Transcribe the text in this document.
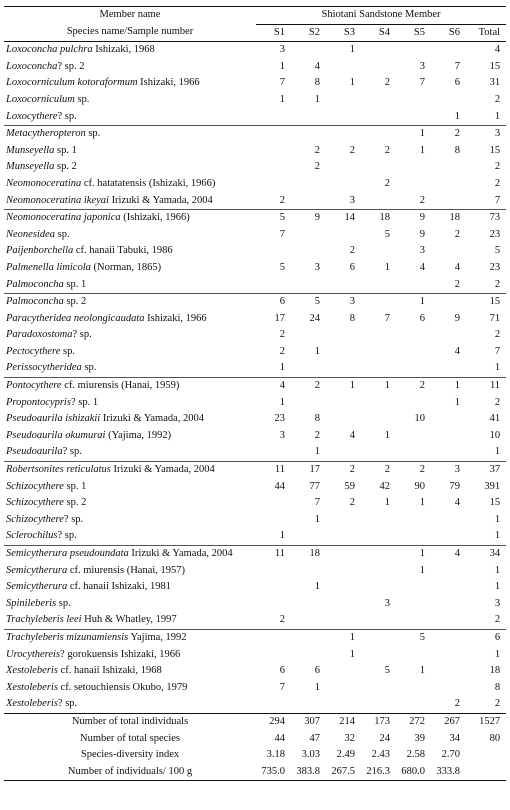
Member name	Shiotani Sandstone Member						
Species name/Sample number	S1	S2	S3	S4	S5	S6	Total
Loxoconcha pulchra Ishizaki, 1968	3		1				4
Loxoconcha? sp. 2	1	4			3	7	15
Loxocorniculum kotoraformum Ishizaki, 1966	7	8	1	2	7	6	31
Loxocorniculum sp.	1	1					2
Loxocythere? sp.						1	1
Metacytheropteron sp.					1	2	3
Munseyella sp. 1		2	2	2	1	8	15
Munseyella sp. 2		2					2
Neomonoceratina cf. hatatatensis (Ishizaki, 1966)				2			2
Neomonoceratina ikeyai Irizuki & Yamada, 2004	2		3		2		7
Neomonoceratina japonica (Ishizaki, 1966)	5	9	14	18	9	18	73
Neonesidea sp.	7			5	9	2	23
Paijenborchella cf. hanaii Tabuki, 1986			2		3		5
Palmenella limicola (Norman, 1865)	5	3	6	1	4	4	23
Palmoconcha sp. 1						2	2
Palmoconcha sp. 2	6	5	3		1		15
Paracytheridea neolongicaudata Ishizaki, 1966	17	24	8	7	6	9	71
Paradoxostoma? sp.	2						2
Pectocythere sp.	2	1				4	7
Perissocytheridea sp.	1						1
Pontocythere cf. miurensis (Hanai, 1959)	4	2	1	1	2	1	11
Propontocypris? sp. 1	1					1	2
Pseudoaurila ishizakii Irizuki & Yamada, 2004	23	8			10		41
Pseudoaurila okumurai (Yajima, 1992)	3	2	4	1			10
Pseudoaurila? sp.		1					1
Robertsonites reticulatus Irizuki & Yamada, 2004	11	17	2	2	2	3	37
Schizocythere sp. 1	44	77	59	42	90	79	391
Schizocythere sp. 2		7	2	1	1	4	15
Schizocythere? sp.		1					1
Sclerochilus? sp.	1						1
Semicytherura pseudoundata Irizuki & Yamada, 2004	11	18			1	4	34
Semicytherura cf. miurensis (Hanai, 1957)					1		1
Semicytherura cf. hanaii Ishizaki, 1981		1					1
Spinileberis sp.				3			3
Trachyleberis leei Huh & Whatley, 1997	2						2
Trachyleberis mizunamiensis Yajima, 1992			1		5		6
Urocythereis? gorokuensis Ishizaki, 1966			1				1
Xestoleberis cf. hanaii Ishizaki, 1968	6	6		5	1		18
Xestoleberis cf. setouchiensis Okubo, 1979	7	1					8
Xestoleberis? sp.						2	2
Number of total individuals	294	307	214	173	272	267	1527
Number of total species	44	47	32	24	39	34	80
Species-diversity index	3.18	3.03	2.49	2.43	2.58	2.70	
Number of individuals/ 100 g	735.0	383.8	267.5	216.3	680.0	333.8	
